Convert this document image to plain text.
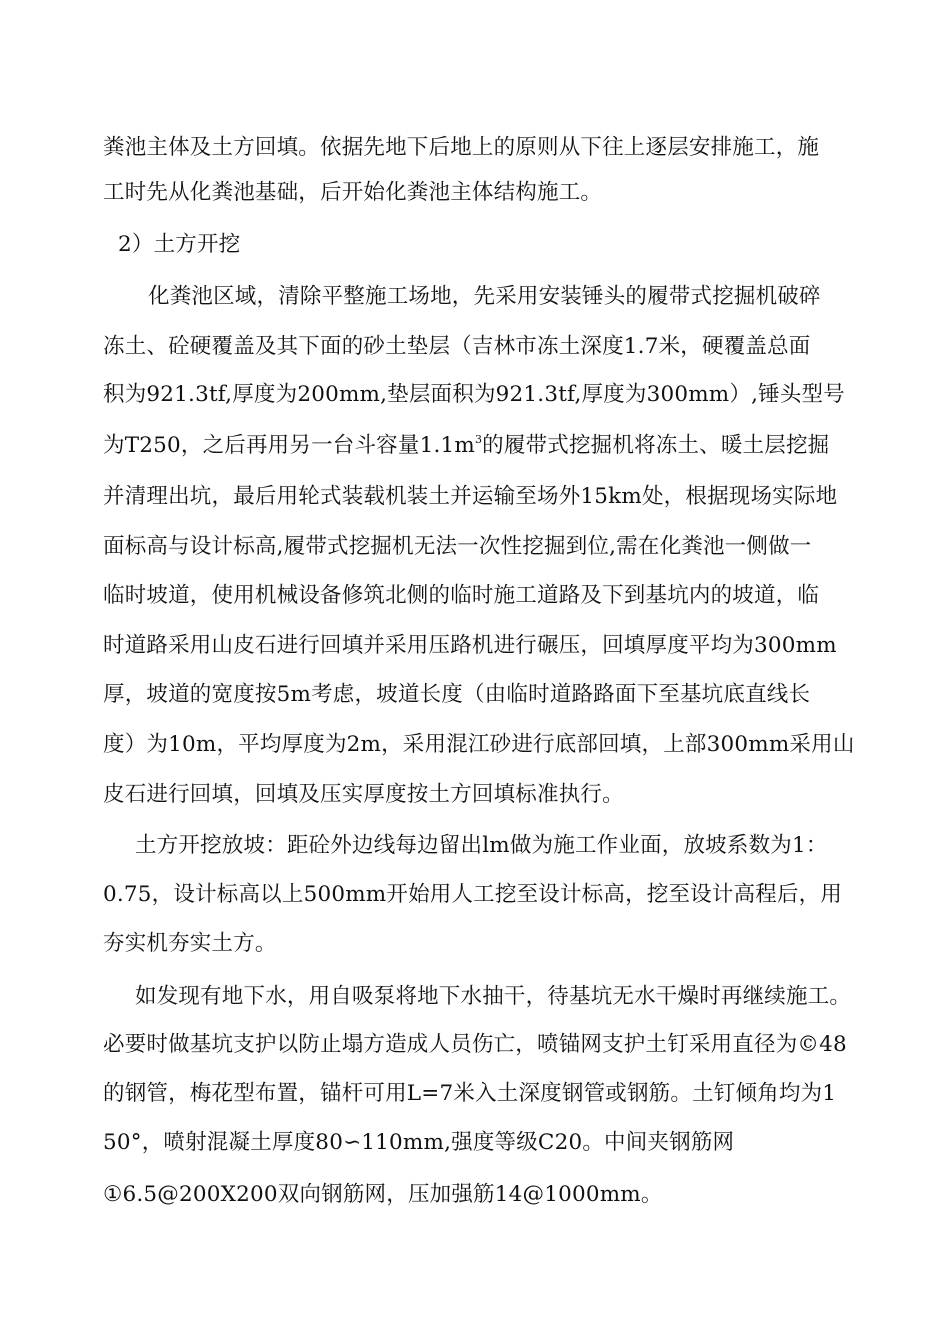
粪池主体及土方回填。依据先地下后地上的原则从下往上逐层安排施工，施
工时先从化粪池基础，后开始化粪池主体结构施工。
2）土方开挖
化粪池区域，清除平整施工场地，先采用安装锤头的履带式挖掘机破碎
冻土、砼硬覆盖及其下面的砂土垫层（吉林市冻土深度1.7米，硬覆盖总面
积为921.3tf,厚度为200mm,垫层面积为921.3tf,厚度为300mm）,锤头型号
为T250，之后再用另一台斗容量$1.1m^3$的履带式挖掘机将冻土、暖土层挖掘
并清理出坑，最后用轮式装载机装土并运输至场外15km处，根据现场实际地
面标高与设计标高,履带式挖掘机无法一次性挖掘到位,需在化粪池一侧做一
临时坡道，使用机械设备修筑北侧的临时施工道路及下到基坑内的坡道，临
时道路采用山皮石进行回填并采用压路机进行碾压，回填厚度平均为300mm
厚，坡道的宽度按5m考虑，坡道长度（由临时道路路面下至基坑底直线长
度）为10m，平均厚度为2m，采用混江砂进行底部回填，上部300mm采用山
皮石进行回填，回填及压实厚度按土方回填标准执行。
土方开挖放坡：距砼外边线每边留出lm做为施工作业面，放坡系数为1：
0.75，设计标高以上500mm开始用人工挖至设计标高，挖至设计高程后，用
夯实机夯实土方。
如发现有地下水，用自吸泵将地下水抽干，待基坑无水干燥时再继续施工。
必要时做基坑支护以防止塌方造成人员伤亡，喷锚网支护土钉采用直径为©48
的钢管，梅花型布置，锚杆可用L=7米入土深度钢管或钢筋。土钉倾角均为1
50°，喷射混凝土厚度80∽110mm,强度等级C20。中间夹钢筋网
①6.5@200X200双向钢筋网，压加强筋14@1000mm。
